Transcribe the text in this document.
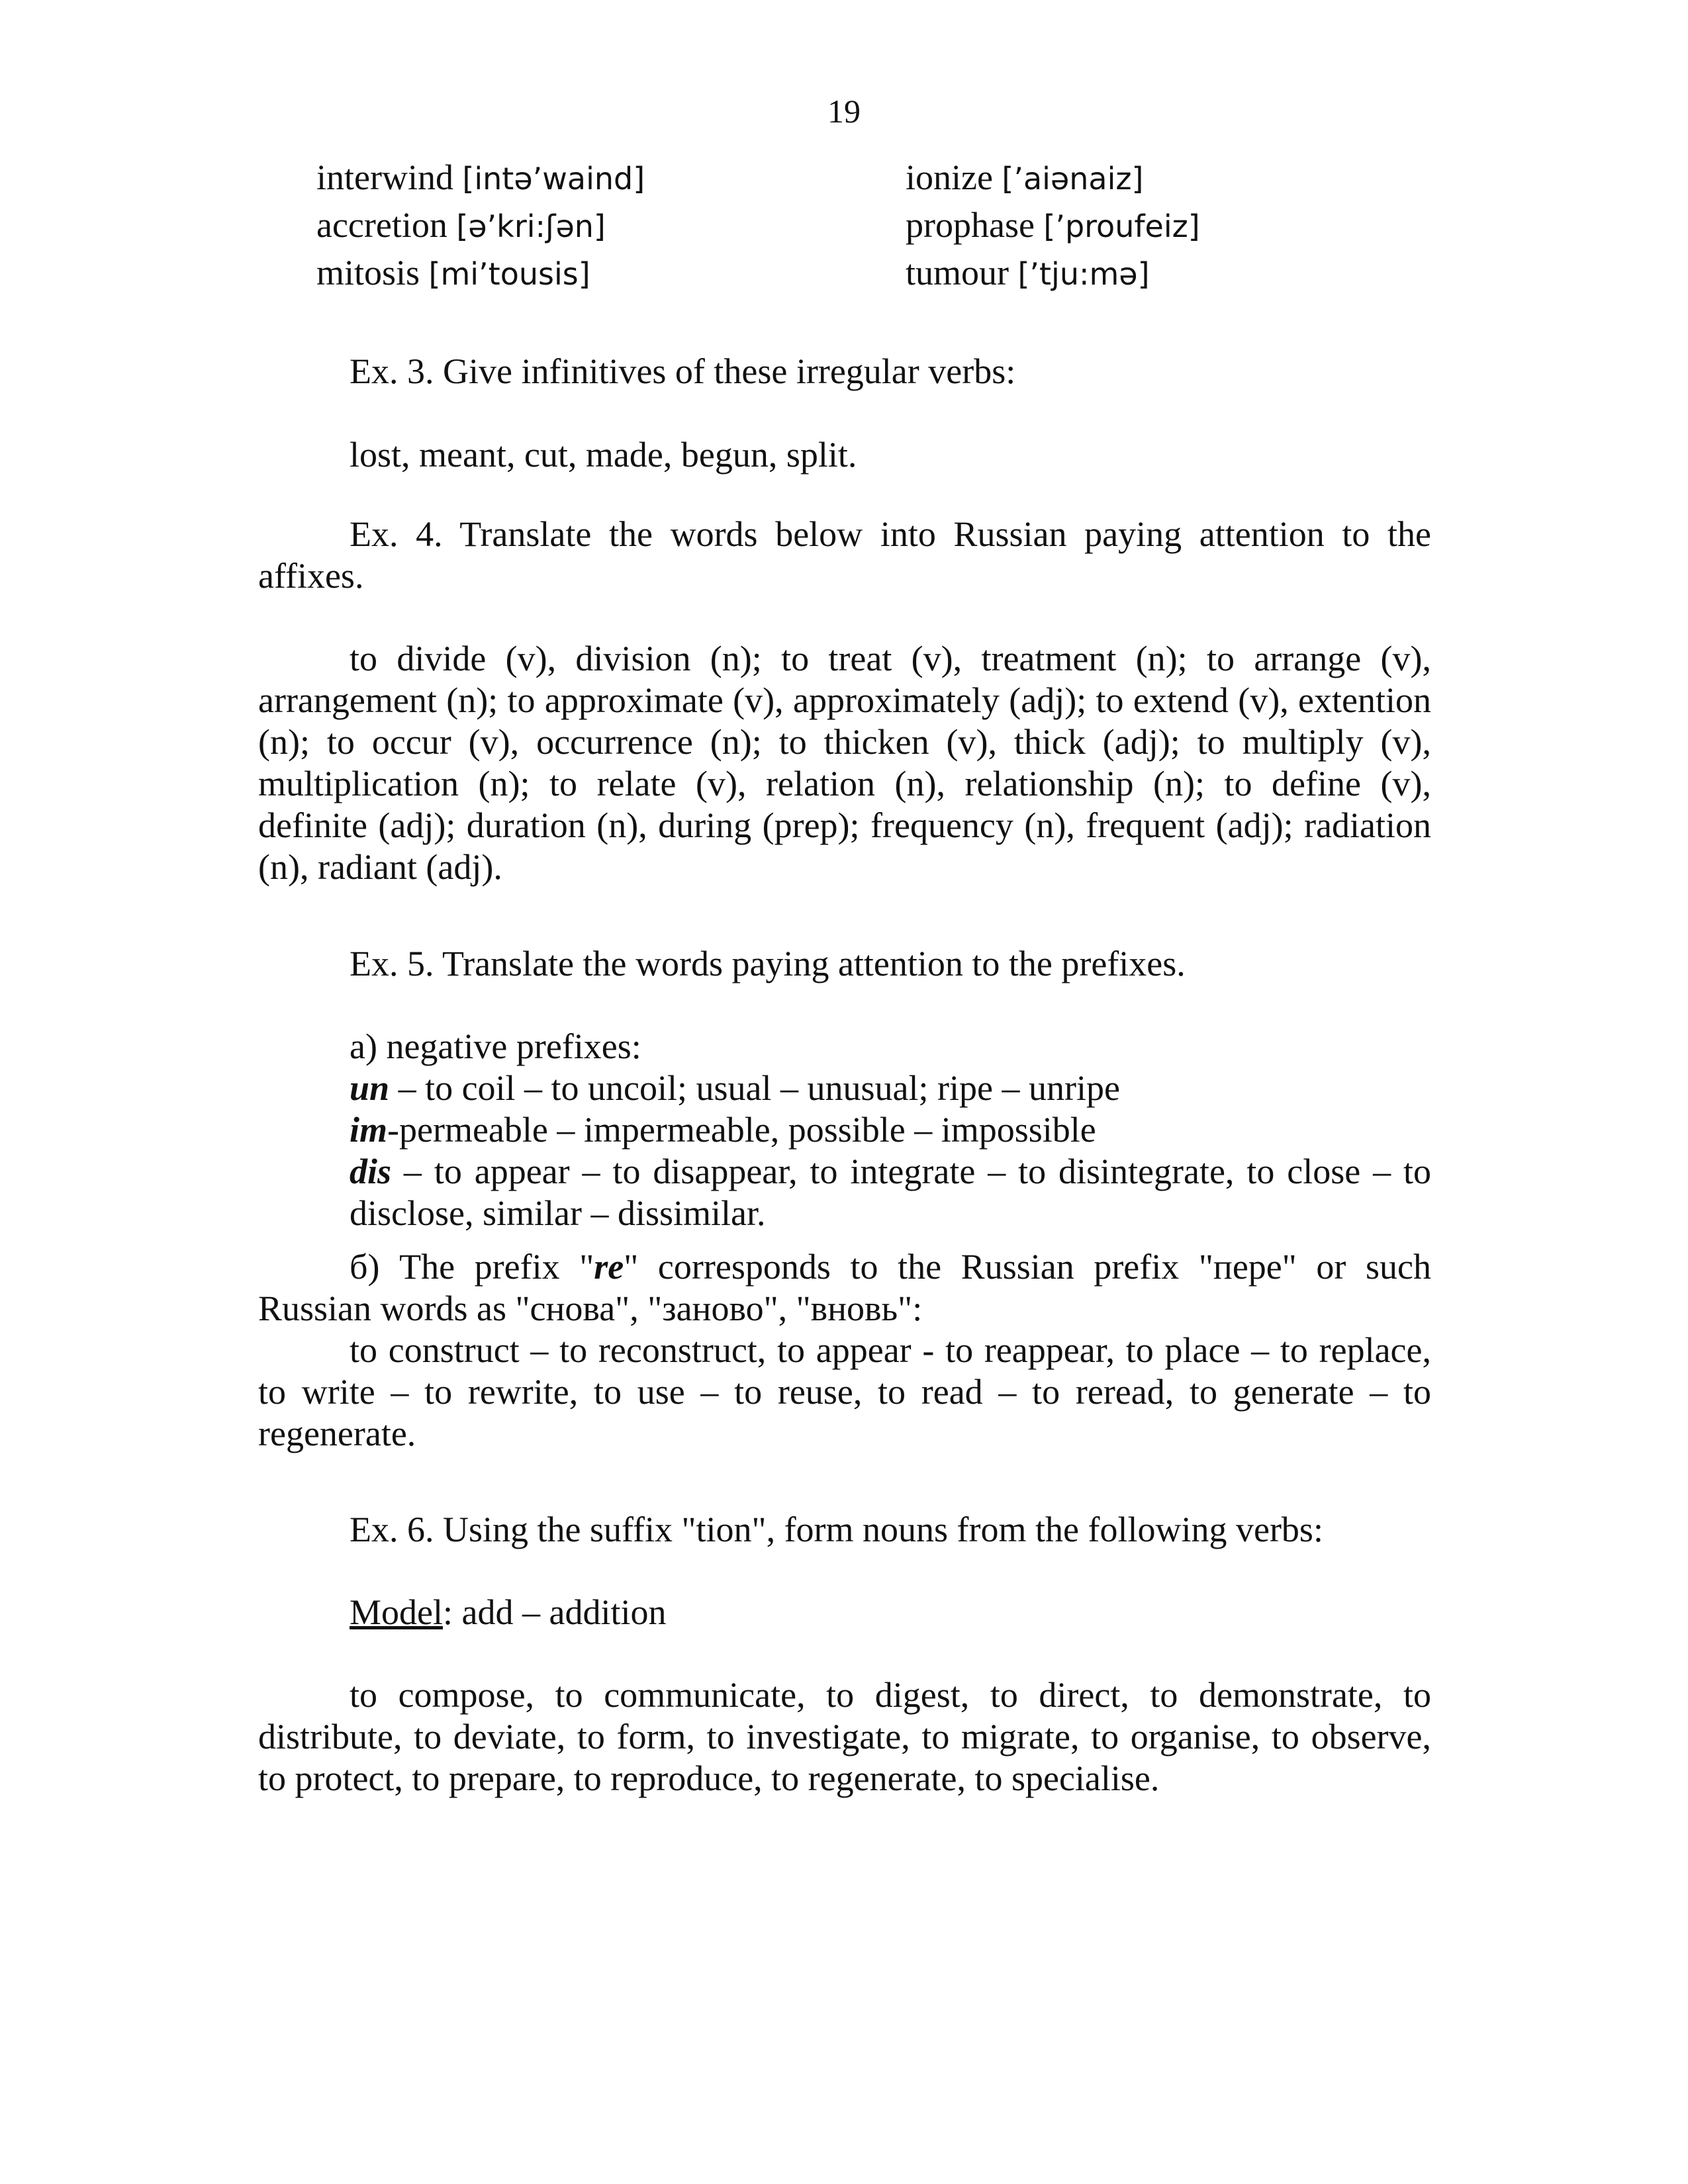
19
interwind [intə’waind]	ionize [’aiənaiz]
accretion [ə’kri:ʃən]	prophase [’proufeiz]
mitosis [mi’tousis]	tumour [’tju:mə]
Ex. 3. Give infinitives of these irregular verbs:
lost, meant, cut, made, begun, split.
Ex. 4. Translate the words below into Russian paying attention to the affixes.
to divide (v), division (n); to treat (v), treatment (n); to arrange (v), arrangement (n); to approximate (v), approximately (adj); to extend (v), extention (n); to occur (v), occurrence (n); to thicken (v), thick (adj); to multiply (v), multiplication (n); to relate (v), relation (n), relationship (n); to define (v), definite (adj); duration (n), during (prep); frequency (n), frequent (adj); radiation (n), radiant (adj).
Ex. 5. Translate the words paying attention to the prefixes.

a) negative prefixes:

un – to coil – to uncoil; usual – unusual; ripe – unripe

im-permeable – impermeable, possible – impossible

dis – to appear – to disappear, to integrate – to disintegrate, to close – to disclose, similar – dissimilar.

б) The prefix "re" corresponds to the Russian prefix "пере" or such Russian words as "снова", "заново", "вновь":
to construct – to reconstruct, to appear - to reappear, to place – to replace, to write – to rewrite, to use – to reuse, to read – to reread, to generate – to regenerate.
Ex. 6. Using the suffix "tion", form nouns from the following verbs:
Model: add – addition
to compose, to communicate, to digest, to direct, to demonstrate, to distribute, to deviate, to form, to investigate, to migrate, to organise, to observe, to protect, to prepare, to reproduce, to regenerate, to specialise.
